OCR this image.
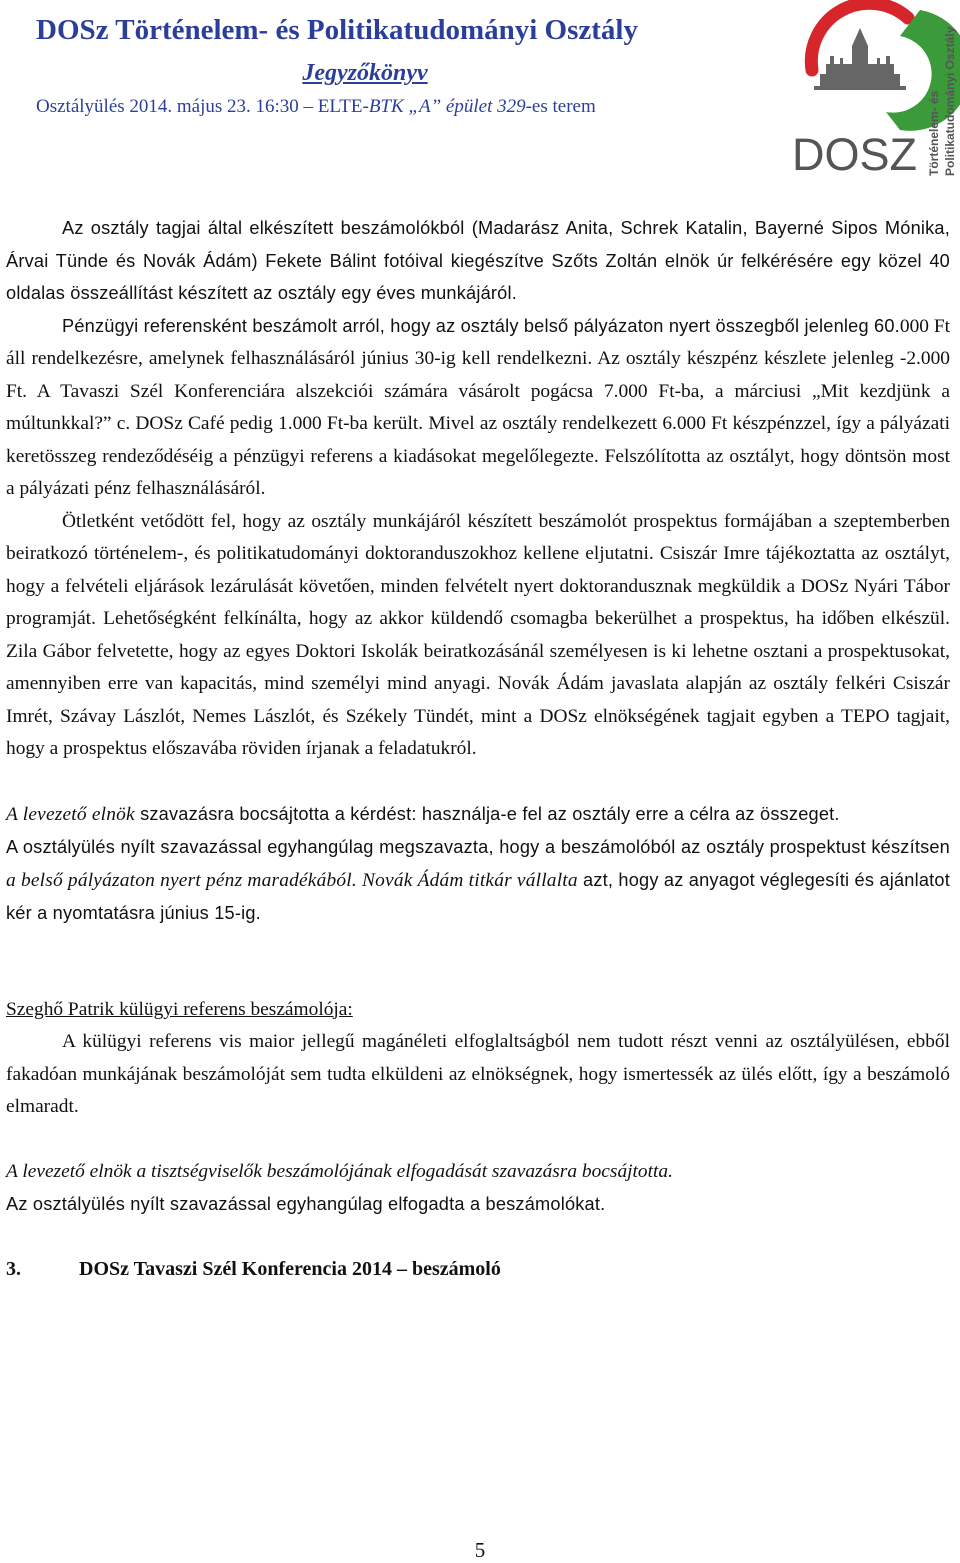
DOSz Történelem- és Politikatudományi Osztály
Jegyzőkönyv
Osztályülés 2014. május 23. 16:30 – ELTE-BTK „A” épület 329-es terem
DOSZ Történelem- és Politikatudományi Osztály

Az osztály tagjai által elkészített beszámolókból (Madarász Anita, Schrek Katalin, Bayerné Sipos Mónika, Árvai Tünde és Novák Ádám) Fekete Bálint fotóival kiegészítve Szőts Zoltán elnök úr felkérésére egy közel 40 oldalas összeállítást készített az osztály egy éves munkájáról.

Pénzügyi referensként beszámolt arról, hogy az osztály belső pályázaton nyert összegből jelenleg 60.000 Ft áll rendelkezésre, amelynek felhasználásáról június 30-ig kell rendelkezni. Az osztály készpénz készlete jelenleg -2.000 Ft. A Tavaszi Szél Konferenciára alszekciói számára vásárolt pogácsa 7.000 Ft-ba, a márciusi „Mit kezdjünk a múltunkkal?” c. DOSz Café pedig 1.000 Ft-ba került. Mivel az osztály rendelkezett 6.000 Ft készpénzzel, így a pályázati keretösszeg rendeződéséig a pénzügyi referens a kiadásokat megelőlegezte. Felszólította az osztályt, hogy döntsön most a pályázati pénz felhasználásáról.

Ötletként vetődött fel, hogy az osztály munkájáról készített beszámolót prospektus formájában a szeptemberben beiratkozó történelem-, és politikatudományi doktoranduszokhoz kellene eljutatni. Csiszár Imre tájékoztatta az osztályt, hogy a felvételi eljárások lezárulását követően, minden felvételt nyert doktorandusznak megküldik a DOSz Nyári Tábor programját. Lehetőségként felkínálta, hogy az akkor küldendő csomagba bekerülhet a prospektus, ha időben elkészül. Zila Gábor felvetette, hogy az egyes Doktori Iskolák beiratkozásánál személyesen is ki lehetne osztani a prospektusokat, amennyiben erre van kapacitás, mind személyi mind anyagi. Novák Ádám javaslata alapján az osztály felkéri Csiszár Imrét, Szávay Lászlót, Nemes Lászlót, és Székely Tündét, mint a DOSz elnökségének tagjait egyben a TEPO tagjait, hogy a prospektus előszavába röviden írjanak a feladatukról.

A levezető elnök szavazásra bocsájtotta a kérdést: használja-e fel az osztály erre a célra az összeget.

A osztályülés nyílt szavazással egyhangúlag megszavazta, hogy a beszámolóból az osztály prospektust készítsen a belső pályázaton nyert pénz maradékából. Novák Ádám titkár vállalta azt, hogy az anyagot véglegesíti és ajánlatot kér a nyomtatásra június 15-ig.

Szeghő Patrik külügyi referens beszámolója:

A külügyi referens vis maior jellegű magánéleti elfoglaltságból nem tudott részt venni az osztályülésen, ebből fakadóan munkájának beszámolóját sem tudta elküldeni az elnökségnek, hogy ismertessék az ülés előtt, így a beszámoló elmaradt.

A levezető elnök a tisztségviselők beszámolójának elfogadását szavazásra bocsájtotta.

Az osztályülés nyílt szavazással egyhangúlag elfogadta a beszámolókat.

3.	DOSz Tavaszi Szél Konferencia 2014 – beszámoló

5
